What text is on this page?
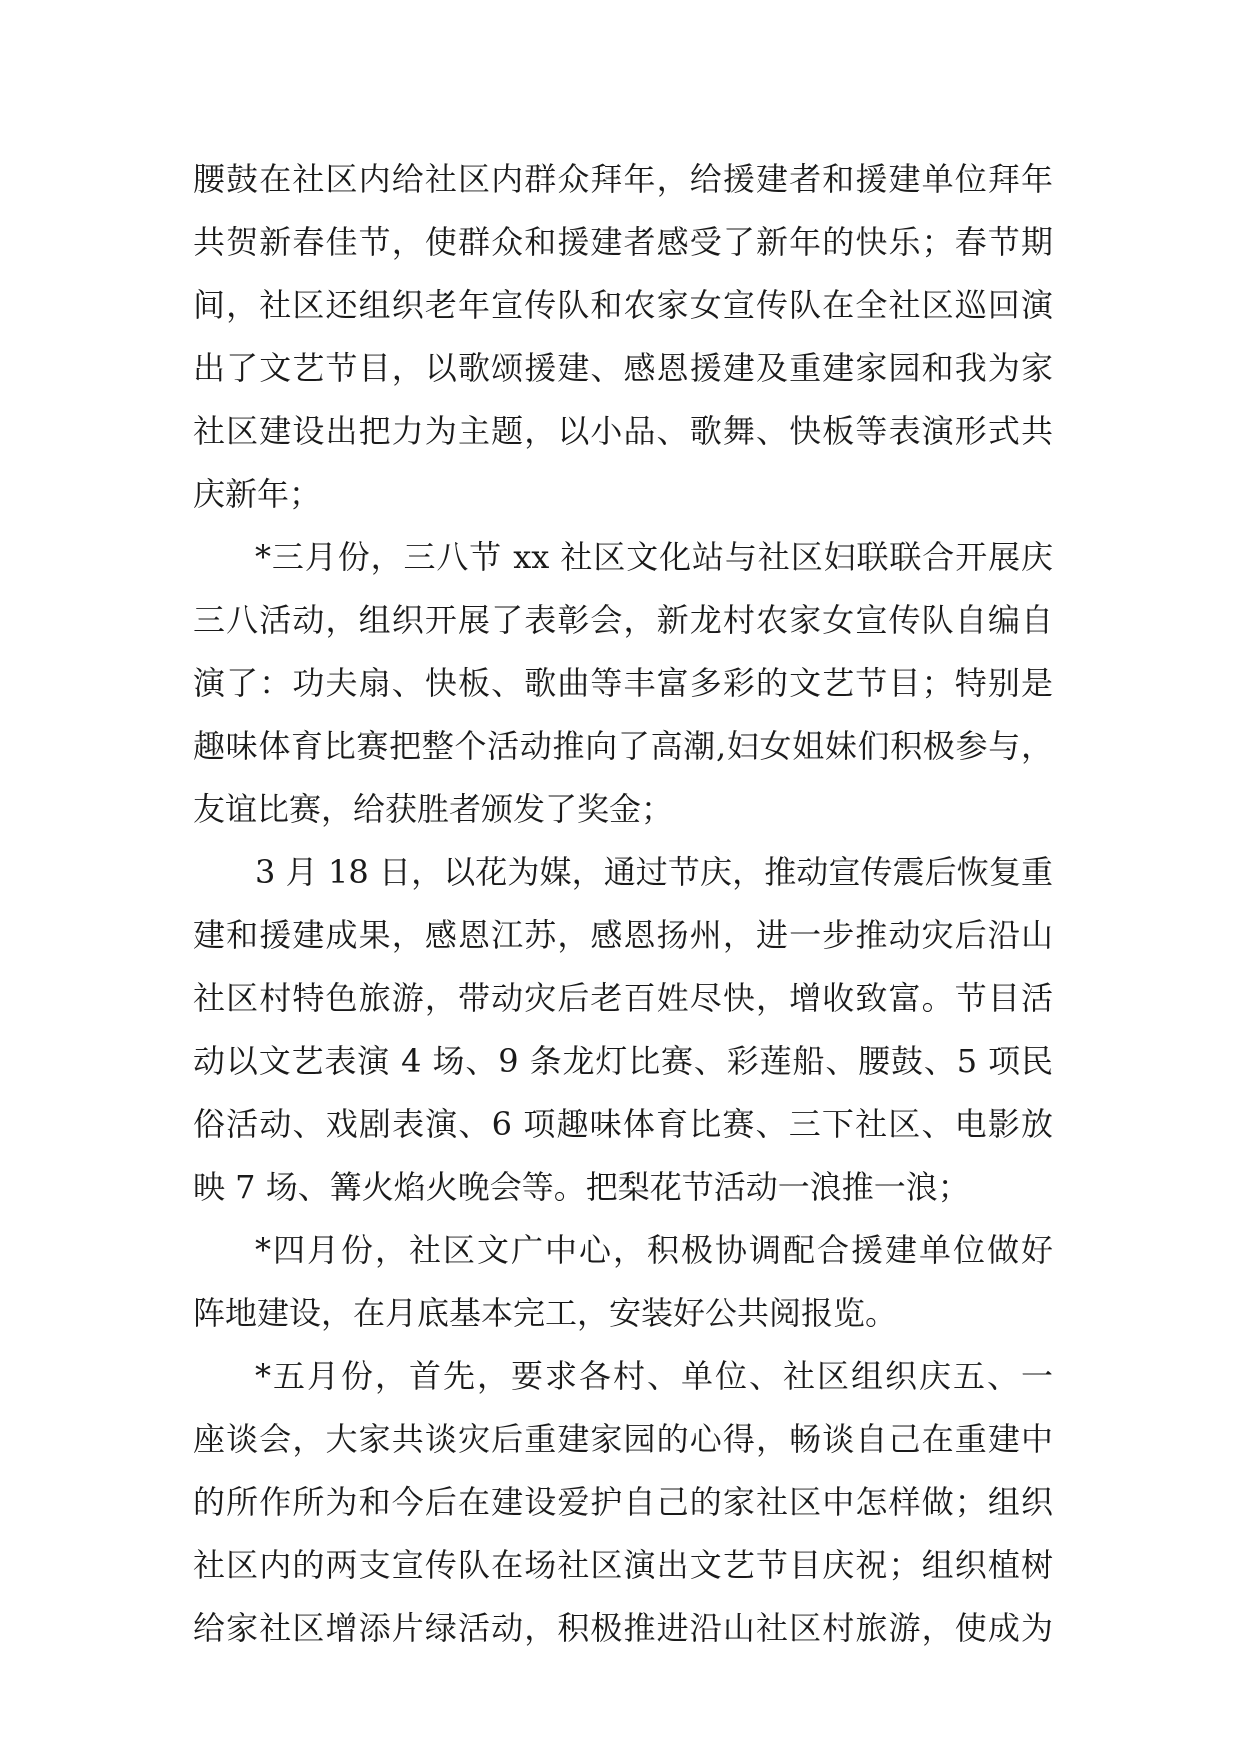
腰鼓在社区内给社区内群众拜年，给援建者和援建单位拜年
共贺新春佳节，使群众和援建者感受了新年的快乐；春节期
间，社区还组织老年宣传队和农家女宣传队在全社区巡回演
出了文艺节目，以歌颂援建、感恩援建及重建家园和我为家
社区建设出把力为主题，以小品、歌舞、快板等表演形式共
庆新年；
*三月份，三八节 xx 社区文化站与社区妇联联合开展庆
三八活动，组织开展了表彰会，新龙村农家女宣传队自编自
演了：功夫扇、快板、歌曲等丰富多彩的文艺节目；特别是
趣味体育比赛把整个活动推向了高潮,妇女姐妹们积极参与，
友谊比赛，给获胜者颁发了奖金；
3 月 18 日，以花为媒，通过节庆，推动宣传震后恢复重
建和援建成果，感恩江苏，感恩扬州，进一步推动灾后沿山
社区村特色旅游，带动灾后老百姓尽快，增收致富。节目活
动以文艺表演 4 场、9 条龙灯比赛、彩莲船、腰鼓、5 项民
俗活动、戏剧表演、6 项趣味体育比赛、三下社区、电影放
映 7 场、篝火焰火晚会等。把梨花节活动一浪推一浪；
*四月份，社区文广中心，积极协调配合援建单位做好
阵地建设，在月底基本完工，安装好公共阅报览。
*五月份，首先，要求各村、单位、社区组织庆五、一
座谈会，大家共谈灾后重建家园的心得，畅谈自己在重建中
的所作所为和今后在建设爱护自己的家社区中怎样做；组织
社区内的两支宣传队在场社区演出文艺节目庆祝；组织植树
给家社区增添片绿活动，积极推进沿山社区村旅游，使成为
